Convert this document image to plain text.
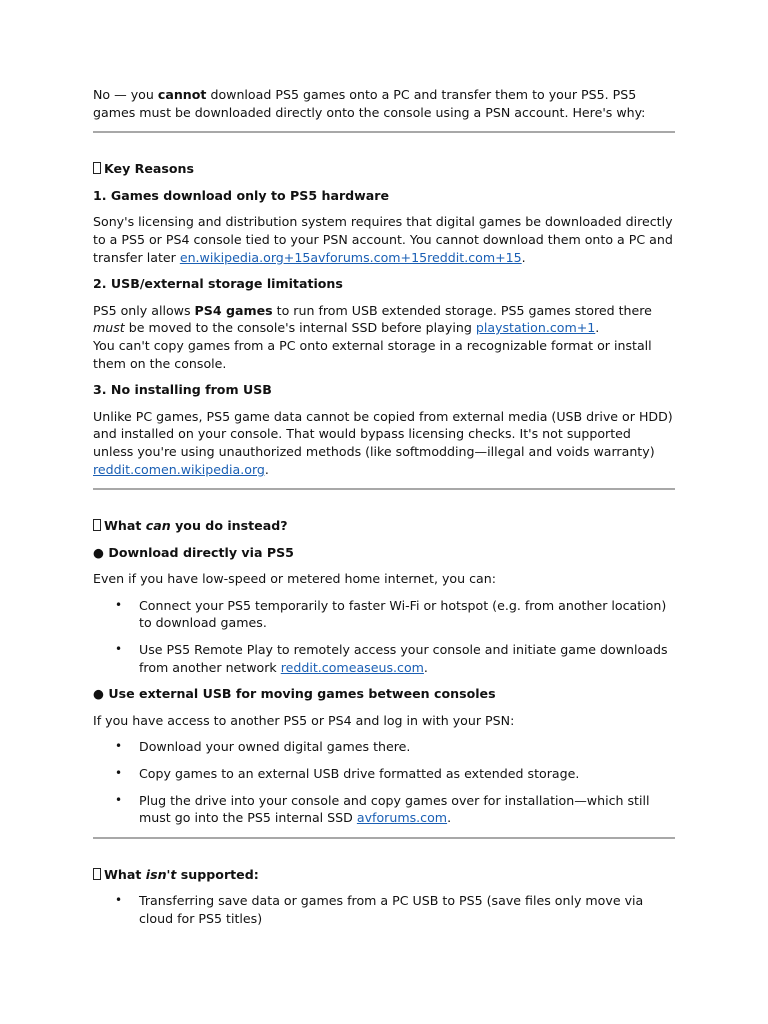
No — you cannot download PS5 games onto a PC and transfer them to your PS5. PS5 games must be downloaded directly onto the console using a PSN account. Here's why:

Key Reasons

1. Games download only to PS5 hardware

Sony's licensing and distribution system requires that digital games be downloaded directly to a PS5 or PS4 console tied to your PSN account. You cannot download them onto a PC and transfer later en.wikipedia.org+15avforums.com+15reddit.com+15.

2. USB/external storage limitations

PS5 only allows PS4 games to run from USB extended storage. PS5 games stored there must be moved to the console's internal SSD before playing playstation.com+1.
You can't copy games from a PC onto external storage in a recognizable format or install them on the console.

3. No installing from USB

Unlike PC games, PS5 game data cannot be copied from external media (USB drive or HDD) and installed on your console. That would bypass licensing checks. It's not supported unless you're using unauthorized methods (like softmodding—illegal and voids warranty) reddit.comen.wikipedia.org.

What can you do instead?

● Download directly via PS5

Even if you have low-speed or metered home internet, you can:

• Connect your PS5 temporarily to faster Wi-Fi or hotspot (e.g. from another location) to download games.
• Use PS5 Remote Play to remotely access your console and initiate game downloads from another network reddit.comeaseus.com.

● Use external USB for moving games between consoles

If you have access to another PS5 or PS4 and log in with your PSN:

• Download your owned digital games there.
• Copy games to an external USB drive formatted as extended storage.
• Plug the drive into your console and copy games over for installation—which still must go into the PS5 internal SSD avforums.com.

What isn't supported:

• Transferring save data or games from a PC USB to PS5 (save files only move via cloud for PS5 titles)
